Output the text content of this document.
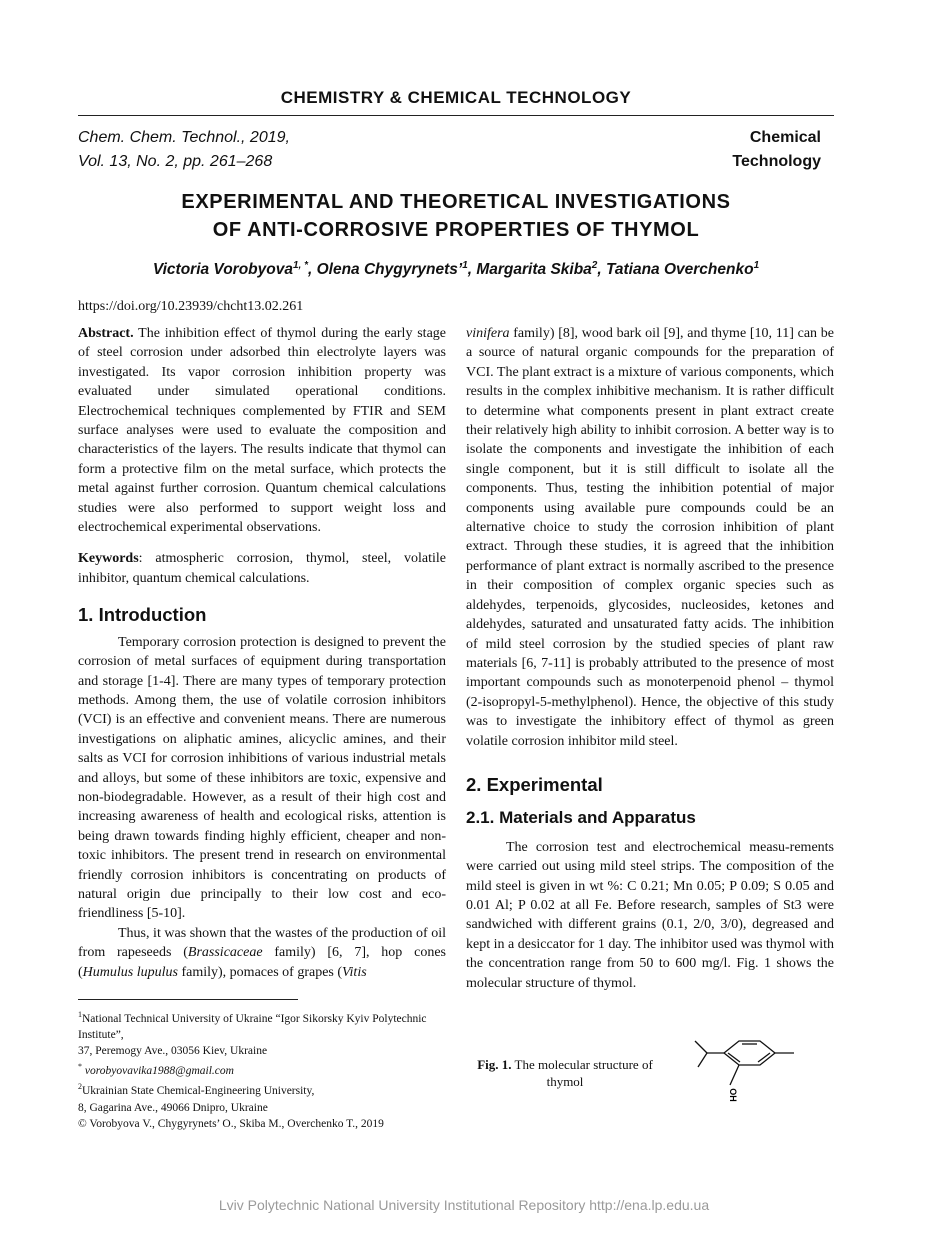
CHEMISTRY & CHEMICAL TECHNOLOGY
Chem. Chem. Technol., 2019,
Vol. 13, No. 2, pp. 261–268
Chemical
Technology
EXPERIMENTAL AND THEORETICAL INVESTIGATIONS
OF ANTI-CORROSIVE PROPERTIES OF THYMOL
Victoria Vorobyova$^{1, *}$, Olena Chygyrynets’$^1$, Margarita Skiba$^2$, Tatiana Overchenko$^1$
https://doi.org/10.23939/chcht13.02.261

Abstract. The inhibition effect of thymol during the early stage of steel corrosion under adsorbed thin electrolyte layers was investigated. Its vapor corrosion inhibition property was evaluated under simulated operational conditions. Electrochemical techniques complemented by FTIR and SEM surface analyses were used to evaluate the composition and characteristics of the layers. The results indicate that thymol can form a protective film on the metal surface, which protects the metal against further corrosion. Quantum chemical calculations studies were also performed to support weight loss and electrochemical experimental observations.

Keywords: atmospheric corrosion, thymol, steel, volatile inhibitor, quantum chemical calculations.

1. Introduction

Temporary corrosion protection is designed to prevent the corrosion of metal surfaces of equipment during transportation and storage [1-4]. There are many types of temporary protection methods. Among them, the use of volatile corrosion inhibitors (VCI) is an effective and convenient means. There are numerous investigations on aliphatic amines, alicyclic amines, and their salts as VCI for corrosion inhibitions of various industrial metals and alloys, but some of these inhibitors are toxic, expensive and non-biodegradable. However, as a result of their high cost and increasing awareness of health and ecological risks, attention is being drawn towards finding highly efficient, cheaper and non-toxic inhibitors. The present trend in research on environmental friendly corrosion inhibitors is concentrating on products of natural origin due principally to their low cost and eco-friendliness [5-10].

Thus, it was shown that the wastes of the production of oil from rapeseeds (Brassicaceae family) [6, 7], hop cones (Humulus lupulus family), pomaces of grapes (Vitis

vinifera family) [8], wood bark oil [9], and thyme [10, 11] can be a source of natural organic compounds for the preparation of VCI. The plant extract is a mixture of various components, which results in the complex inhibitive mechanism. It is rather difficult to determine what components present in plant extract create their relatively high ability to inhibit corrosion. A better way is to isolate the components and investigate the inhibition of each single component, but it is still difficult to isolate all the components. Thus, testing the inhibition potential of major components using available pure compounds could be an alternative choice to study the corrosion inhibition of plant extract. Through these studies, it is agreed that the inhibition performance of plant extract is normally ascribed to the presence in their composition of complex organic species such as aldehydes, terpenoids, glycosides, nucleosides, ketones and aldehydes, saturated and unsaturated fatty acids. The inhibition of mild steel corrosion by the studied species of plant raw materials [6, 7-11] is probably attributed to the presence of most important compounds such as monoterpenoid phenol – thymol (2-isopropyl-5-methylphenol). Hence, the objective of this study was to investigate the inhibitory effect of thymol as green volatile corrosion inhibitor mild steel.

2. Experimental
2.1. Materials and Apparatus

The corrosion test and electrochemical measu-rements were carried out using mild steel strips. The composition of the mild steel is given in wt %: C 0.21; Mn 0.05; P 0.09; S 0.05 and 0.01 Al; P 0.02 at all Fe. Before research, samples of St3 were sandwiched with different grains (0.1, 2/0, 3/0), degreased and kept in a desiccator for 1 day. The inhibitor used was thymol with the concentration range from 50 to 600 mg/l. Fig. 1 shows the molecular structure of thymol.

Fig. 1. The molecular structure of thymol
OH
$^1$National Technical University of Ukraine “Igor Sikorsky Kyiv Polytechnic Institute”,
37, Peremogy Ave., 03056 Kiev, Ukraine
* vorobyovavika1988@gmail.com
$^2$Ukrainian State Chemical-Engineering University,
8, Gagarina Ave., 49066 Dnipro, Ukraine
© Vorobyova V., Chygyrynets’ O., Skiba M., Overchenko T., 2019
Lviv Polytechnic National University Institutional Repository http://ena.lp.edu.ua
